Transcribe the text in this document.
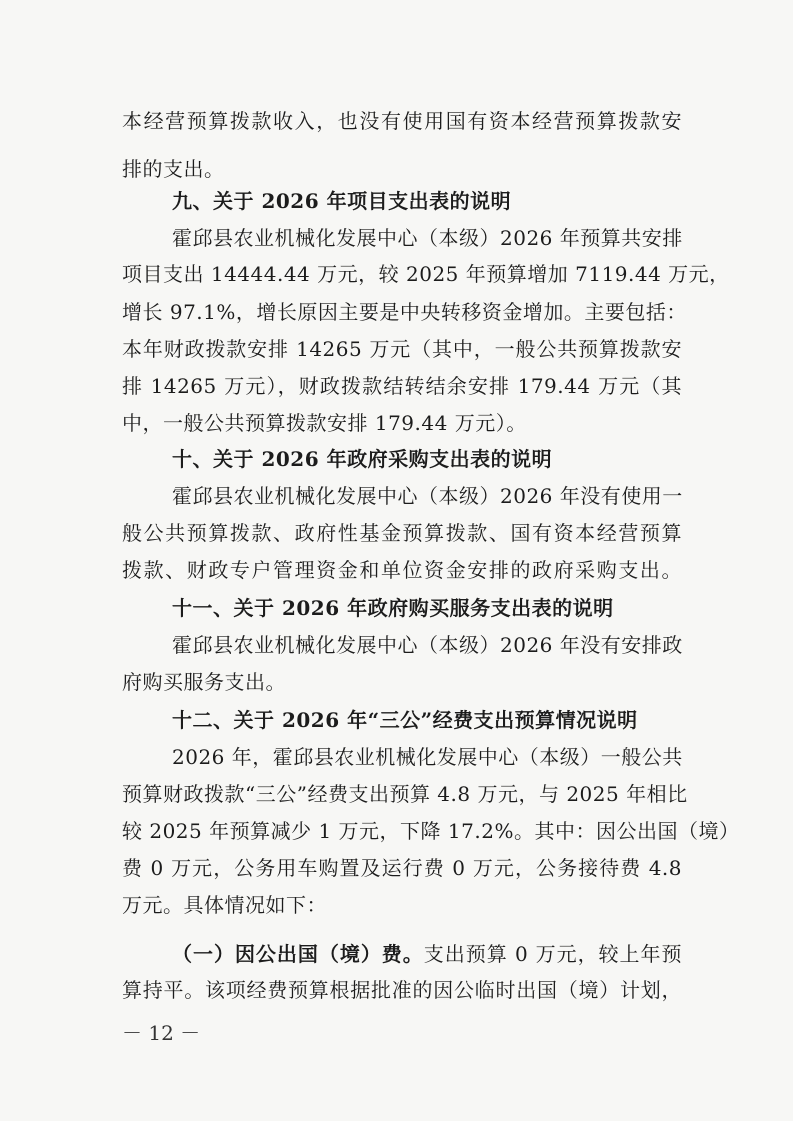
本经营预算拨款收入，也没有使用国有资本经营预算拨款安
排的支出。
九、关于 2026 年项目支出表的说明
霍邱县农业机械化发展中心（本级）2026 年预算共安排
项目支出 14444.44 万元，较 2025 年预算增加 7119.44 万元，
增长 97.1%，增长原因主要是中央转移资金增加。主要包括：
本年财政拨款安排 14265 万元（其中，一般公共预算拨款安
排 14265 万元），财政拨款结转结余安排 179.44 万元（其
中，一般公共预算拨款安排 179.44 万元）。
十、关于 2026 年政府采购支出表的说明
霍邱县农业机械化发展中心（本级）2026 年没有使用一
般公共预算拨款、政府性基金预算拨款、国有资本经营预算
拨款、财政专户管理资金和单位资金安排的政府采购支出。
十一、关于 2026 年政府购买服务支出表的说明
霍邱县农业机械化发展中心（本级）2026 年没有安排政
府购买服务支出。
十二、关于 2026 年“三公”经费支出预算情况说明
2026 年，霍邱县农业机械化发展中心（本级）一般公共
预算财政拨款“三公”经费支出预算 4.8 万元，与 2025 年相比
较 2025 年预算减少 1 万元，下降 17.2%。其中：因公出国（境）
费 0 万元，公务用车购置及运行费 0 万元，公务接待费 4.8
万元。具体情况如下：
（一）因公出国（境）费。支出预算 0 万元，较上年预
算持平。该项经费预算根据批准的因公临时出国（境）计划，
－ 12 －
